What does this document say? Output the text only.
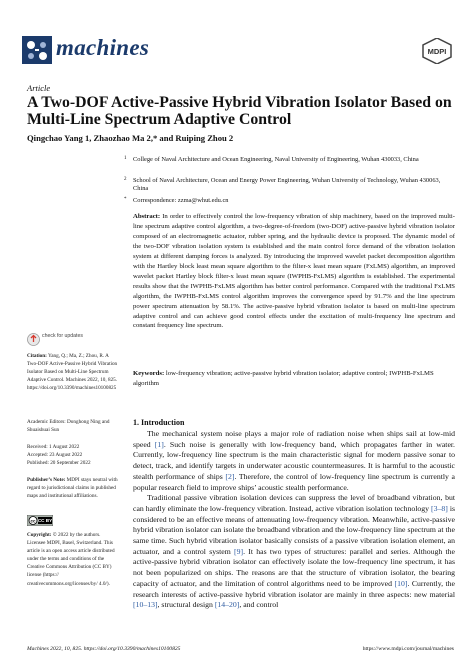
machines	MDPI
Article
A Two-DOF Active-Passive Hybrid Vibration Isolator Based on Multi-Line Spectrum Adaptive Control
Qingchao Yang 1, Zhaozhao Ma 2,* and Ruiping Zhou 2
1 College of Naval Architecture and Ocean Engineering, Naval University of Engineering, Wuhan 430033, China
2 School of Naval Architecture, Ocean and Energy Power Engineering, Wuhan University of Technology, Wuhan 430063, China
* Correspondence: zzma@whut.edu.cn
Abstract: In order to effectively control the low-frequency vibration of ship machinery, based on the improved multi-line spectrum adaptive control algorithm, a two-degree-of-freedom (two-DOF) active-passive hybrid vibration isolator composed of an electromagnetic actuator, rubber spring, and the hydraulic device is proposed. The dynamic model of the two-DOF vibration isolation system is established and the main control force demand of the vibration isolation system at different damping forces is analyzed. By introducing the improved wavelet packet decomposition algorithm with the Hartley block least mean square algorithm to the filter-x least mean square (FxLMS) algorithm, an improved wavelet packet Hartley block filter-x least mean square (IWPHB-FxLMS) algorithm is established. The experimental results show that the IWPHB-FxLMS algorithm has better control performance. Compared with the traditional FxLMS algorithm, the IWPHB-FxLMS control algorithm improves the convergence speed by 91.7% and the line spectrum power spectrum attenuation by 58.1%. The active-passive hybrid vibration isolator is based on multi-line spectrum adaptive control and can achieve good control effects under the excitation of multi-frequency line spectrum and constant frequency line spectrum.
Keywords: low-frequency vibration; active-passive hybrid vibration isolator; adaptive control; IWPHB-FxLMS algorithm
check for updates
Citation: Yang, Q.; Ma, Z.; Zhou, R. A Two-DOF Active-Passive Hybrid Vibration Isolator Based on Multi-Line Spectrum Adaptive Control. Machines 2022, 10, 825. https://doi.org/10.3390/machines10100825
Academic Editors: Donghong Ning and Shuaishuai Sun
Received: 1 August 2022
Accepted: 23 August 2022
Published: 20 September 2022
Publisher’s Note: MDPI stays neutral with regard to jurisdictional claims in published maps and institutional affiliations.
cc CC BY
Copyright: © 2022 by the authors. Licensee MDPI, Basel, Switzerland. This article is an open access article distributed under the terms and conditions of the Creative Commons Attribution (CC BY) license (https:// creativecommons.org/licenses/by/ 4.0/).
1. Introduction

The mechanical system noise plays a major role of radiation noise when ships sail at low-mid speed [1]. Such noise is generally with low-frequency band, which propagates farther in water. Currently, low-frequency line spectrum is the main characteristic signal for modern passive sonar to detect, track, and identify targets in underwater acoustic countermeasures. It is harmful to the acoustic stealth performance of ships [2]. Therefore, the control of low-frequency line spectrum is currently a popular research field to improve ships’ acoustic stealth performance.

Traditional passive vibration isolation devices can suppress the level of broadband vibration, but can hardly eliminate the low-frequency vibration. Instead, active vibration isolation technology [3–8] is considered to be an effective means of attenuating low-frequency vibration. Meanwhile, active-passive hybrid vibration isolator can isolate the broadband vibration and the low-frequency line spectrum at the same time. Such hybrid vibration isolator basically consists of a passive vibration isolation element, an actuator, and a control system [9]. It has two types of structures: parallel and series. Although the active-passive hybrid vibration isolator can effectively isolate the low-frequency line spectrum, it has not been popularized on ships. The reasons are that the structure of vibration isolator, the bearing capacity of actuator, and the limitation of control algorithms need to be improved [10]. Currently, the research interests of active-passive hybrid vibration isolator are mainly in three aspects: new material [10–13], structural design [14–20], and control

Machines 2022, 10, 825. https://doi.org/10.3390/machines10100825	https://www.mdpi.com/journal/machines
